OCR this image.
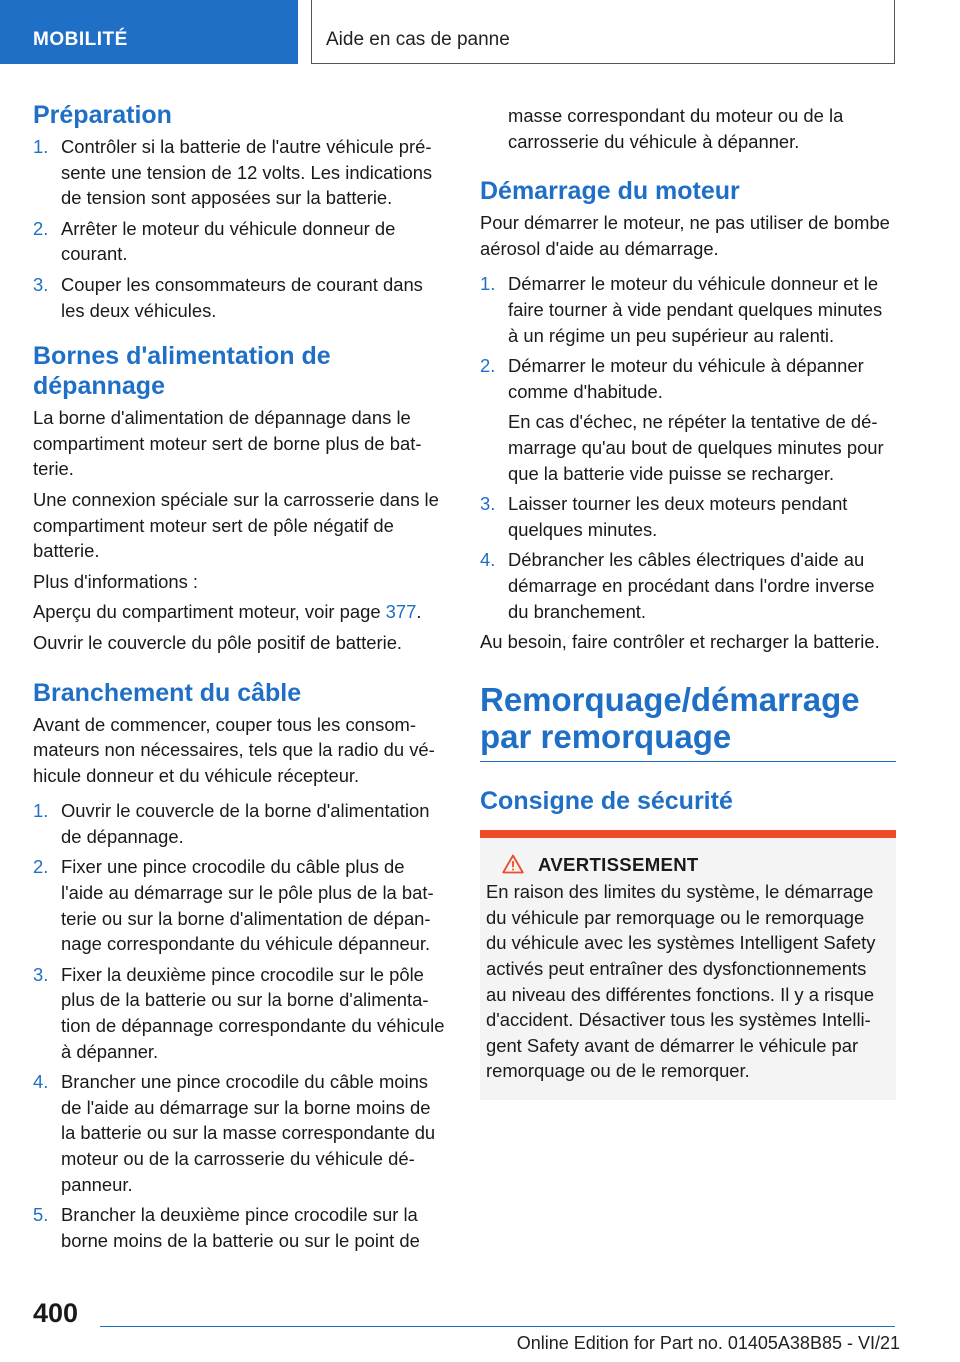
MOBILITÉ	Aide en cas de panne
Préparation
1. Contrôler si la batterie de l'autre véhicule présente une tension de 12 volts. Les indications de tension sont apposées sur la batterie.

2. Arrêter le moteur du véhicule donneur de courant.

3. Couper les consommateurs de courant dans les deux véhicules.

Bornes d'alimentation de dépannage

La borne d'alimentation de dépannage dans le compartiment moteur sert de borne plus de batterie.

Une connexion spéciale sur la carrosserie dans le compartiment moteur sert de pôle négatif de batterie.

Plus d'informations :

Aperçu du compartiment moteur, voir page 377.

Ouvrir le couvercle du pôle positif de batterie.

Branchement du câble

Avant de commencer, couper tous les consommateurs non nécessaires, tels que la radio du véhicule donneur et du véhicule récepteur.

1. Ouvrir le couvercle de la borne d'alimentation de dépannage.

2. Fixer une pince crocodile du câble plus de l'aide au démarrage sur le pôle plus de la batterie ou sur la borne d'alimentation de dépannage correspondante du véhicule dépanneur.

3. Fixer la deuxième pince crocodile sur le pôle plus de la batterie ou sur la borne d'alimentation de dépannage correspondante du véhicule à dépanner.

4. Brancher une pince crocodile du câble moins de l'aide au démarrage sur la borne moins de la batterie ou sur la masse correspondante du moteur ou de la carrosserie du véhicule dépanneur.

5. Brancher la deuxième pince crocodile sur la borne moins de la batterie ou sur le point de

masse correspondant du moteur ou de la carrosserie du véhicule à dépanner.

Démarrage du moteur

Pour démarrer le moteur, ne pas utiliser de bombe aérosol d'aide au démarrage.

1. Démarrer le moteur du véhicule donneur et le faire tourner à vide pendant quelques minutes à un régime un peu supérieur au ralenti.

2. Démarrer le moteur du véhicule à dépanner comme d'habitude.

En cas d'échec, ne répéter la tentative de démarrage qu'au bout de quelques minutes pour que la batterie vide puisse se recharger.

3. Laisser tourner les deux moteurs pendant quelques minutes.

4. Débrancher les câbles électriques d'aide au démarrage en procédant dans l'ordre inverse du branchement.

Au besoin, faire contrôler et recharger la batterie.

Remorquage/démarrage par remorquage
Consigne de sécurité
AVERTISSEMENT

En raison des limites du système, le démarrage du véhicule par remorquage ou le remorquage du véhicule avec les systèmes Intelligent Safety activés peut entraîner des dysfonctionnements au niveau des différentes fonctions. Il y a risque d'accident. Désactiver tous les systèmes Intelligent Safety avant de démarrer le véhicule par remorquage ou de le remorquer.

400
Online Edition for Part no. 01405A38B85 - VI/21
